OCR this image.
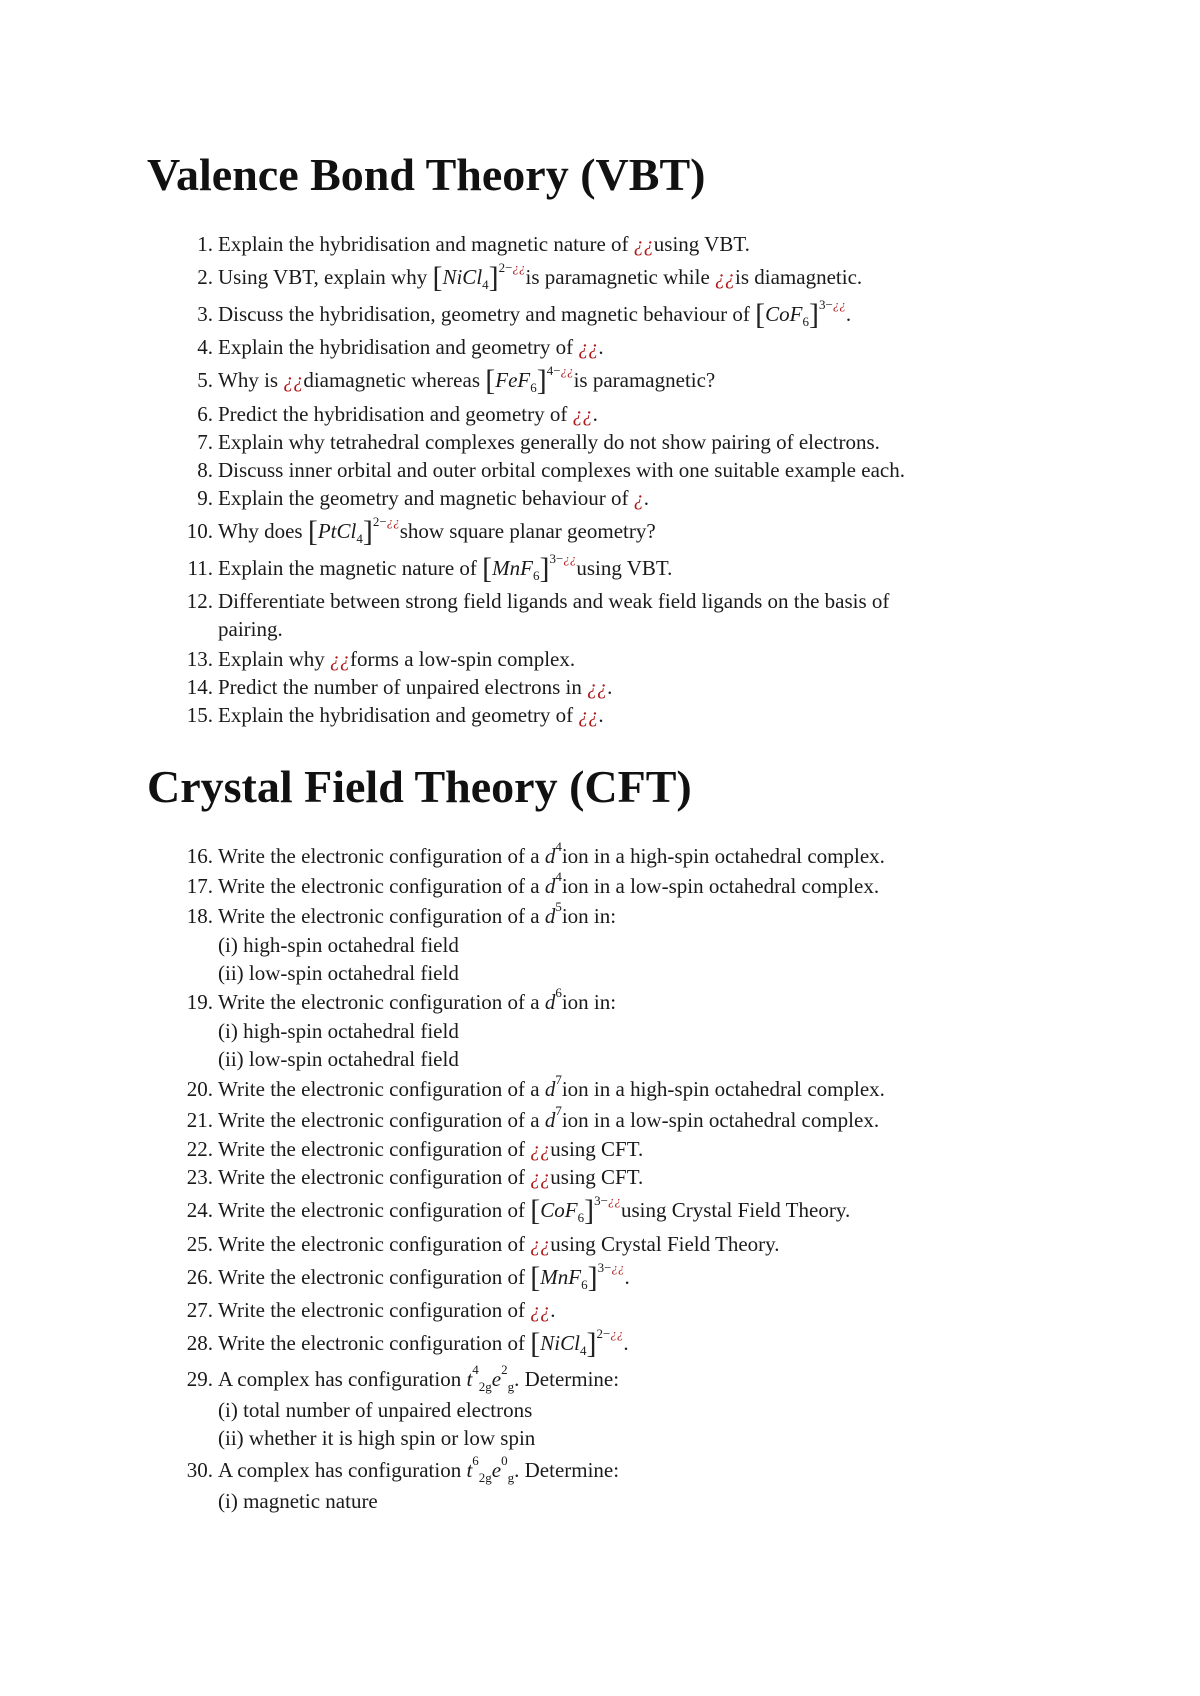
Valence Bond Theory (VBT)
1. Explain the hybridisation and magnetic nature of ¿¿using VBT.
2. Using VBT, explain why [NiCl$_4$]$^{2-¿¿}$is paramagnetic while ¿¿is diamagnetic.
3. Discuss the hybridisation, geometry and magnetic behaviour of $[CoF_6]^{3-¿¿}$.
4. Explain the hybridisation and geometry of ¿¿.
5. Why is ¿¿diamagnetic whereas $[FeF_6]^{4-¿¿}is$ paramagnetic?
6. Predict the hybridisation and geometry of ¿¿.
7. Explain why tetrahedral complexes generally do not show pairing of electrons.
8. Discuss inner orbital and outer orbital complexes with one suitable example each.
9. Explain the geometry and magnetic behaviour of ¿.
10. Why does [PtCl$_4$]$^{2-¿¿}$show square planar geometry?
11. Explain the magnetic nature of $[MnF_6]^{3-¿¿}using$ VBT.
12. Differentiate between strong field ligands and weak field ligands on the basis of
pairing.
13. Explain why ¿¿forms a low-spin complex.
14. Predict the number of unpaired electrons in ¿¿.
15. Explain the hybridisation and geometry of ¿¿.
Crystal Field Theory (CFT)
16. Write the electronic configuration of a $d^4ion$ in a high-spin octahedral complex.
17. Write the electronic configuration of a $d^4ion$ in a low-spin octahedral complex.
18. Write the electronic configuration of a $d^5ion$ in:
(i) high-spin octahedral field
(ii) low-spin octahedral field
19. Write the electronic configuration of a $d^6ion$ in:
(i) high-spin octahedral field
(ii) low-spin octahedral field
20. Write the electronic configuration of a $d^7ion$ in a high-spin octahedral complex.
21. Write the electronic configuration of a $d^7ion$ in a low-spin octahedral complex.
22. Write the electronic configuration of ¿¿using CFT.
23. Write the electronic configuration of ¿¿using CFT.
24. Write the electronic configuration of $[CoF_6]^{3-¿¿}using$ Crystal Field Theory.
25. Write the electronic configuration of ¿¿using Crystal Field Theory.
26. Write the electronic configuration of $[MnF_6]^{3-¿¿}$.
27. Write the electronic configuration of ¿¿.
28. Write the electronic configuration of [NiCl$_4$]$^{2-¿¿}$.
29. A complex has configuration $t^4_{2g}e^2_g$. Determine:
(i) total number of unpaired electrons
(ii) whether it is high spin or low spin
30. A complex has configuration $t^6_{2g}e^0_g$. Determine:
(i) magnetic nature
